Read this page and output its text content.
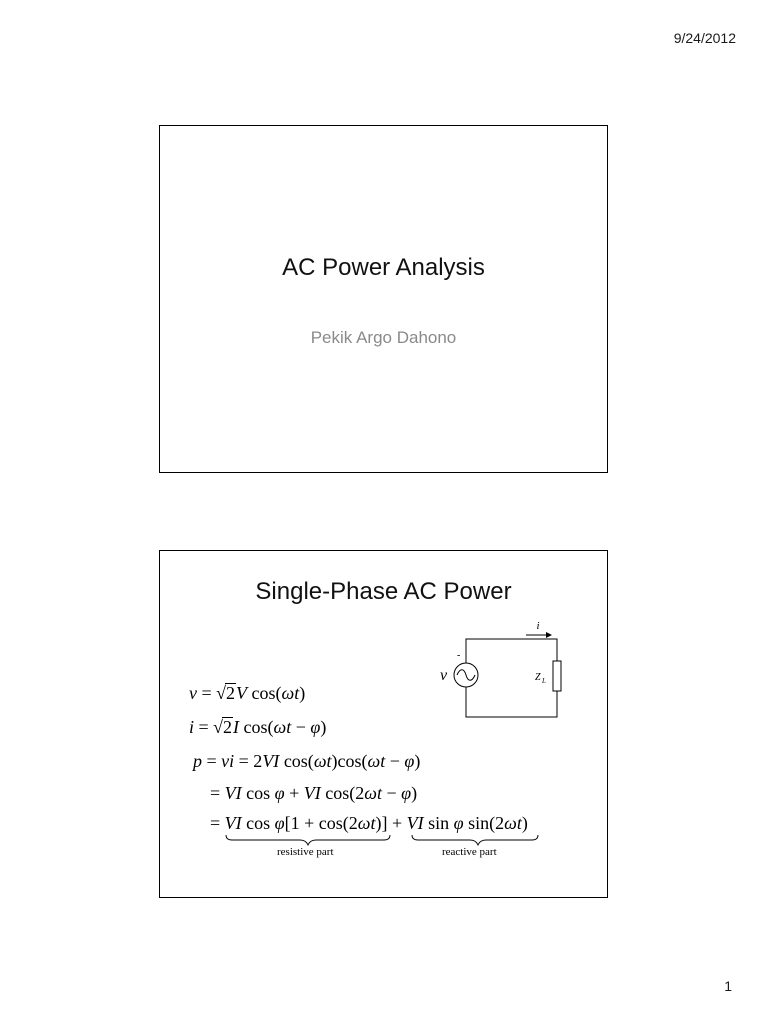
9/24/2012
AC Power Analysis
Pekik Argo Dahono
Single-Phase AC Power
i
-
v	Z L
v = √2V cos(ωt)
i = √2I cos(ωt − φ)
p = vi = 2VI cos(ωt)cos(ωt − φ)
= VI cos φ + VI cos(2ωt − φ)
= VI cos φ[1 + cos(2ωt)] + VI sin φ sin(2ωt)
resistive part	reactive part
1
